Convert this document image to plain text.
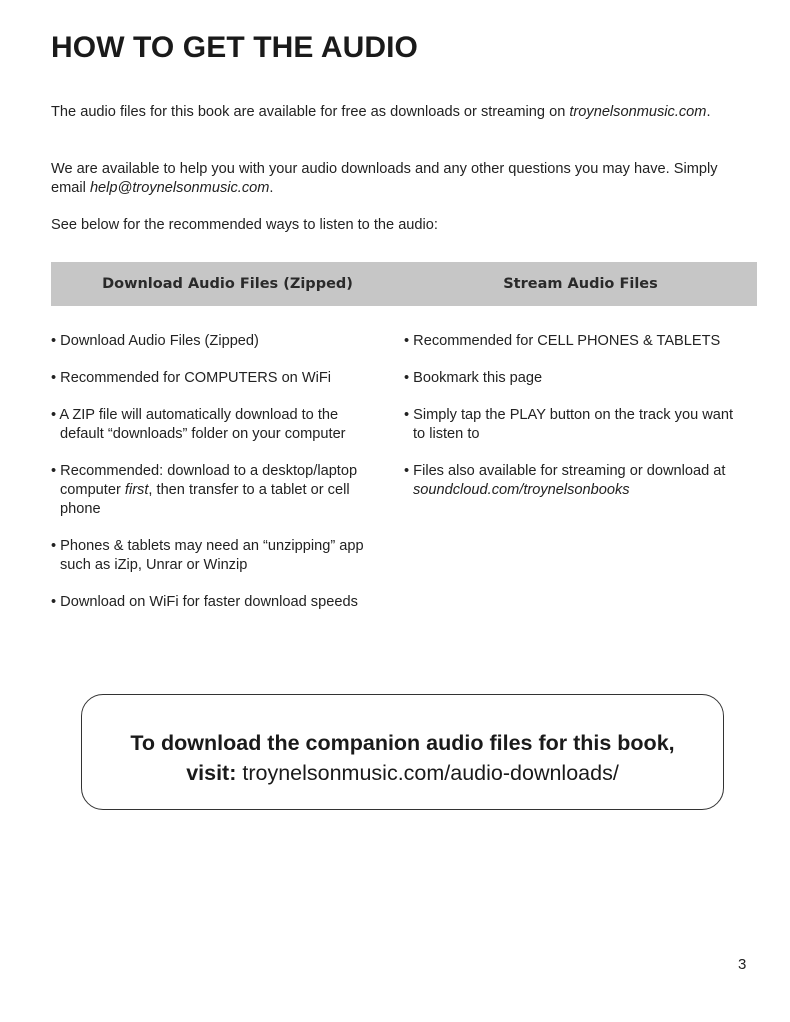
HOW TO GET THE AUDIO

The audio files for this book are available for free as downloads or streaming on troynelsonmusic.com.

We are available to help you with your audio downloads and any other questions you may have. Simply email help@troynelsonmusic.com.

See below for the recommended ways to listen to the audio:

Download Audio Files (Zipped)	Stream Audio Files
• Download Audio Files (Zipped)
• Recommended for COMPUTERS on WiFi
• A ZIP file will automatically download to the default “downloads” folder on your computer
• Recommended: download to a desktop/laptop computer first, then transfer to a tablet or cell phone
• Phones & tablets may need an “unzipping” app such as iZip, Unrar or Winzip
• Download on WiFi for faster download speeds
• Recommended for CELL PHONES & TABLETS
• Bookmark this page
• Simply tap the PLAY button on the track you want to listen to
• Files also available for streaming or download at soundcloud.com/troynelsonbooks

To download the companion audio files for this book,

visit: troynelsonmusic.com/audio-downloads/

3
